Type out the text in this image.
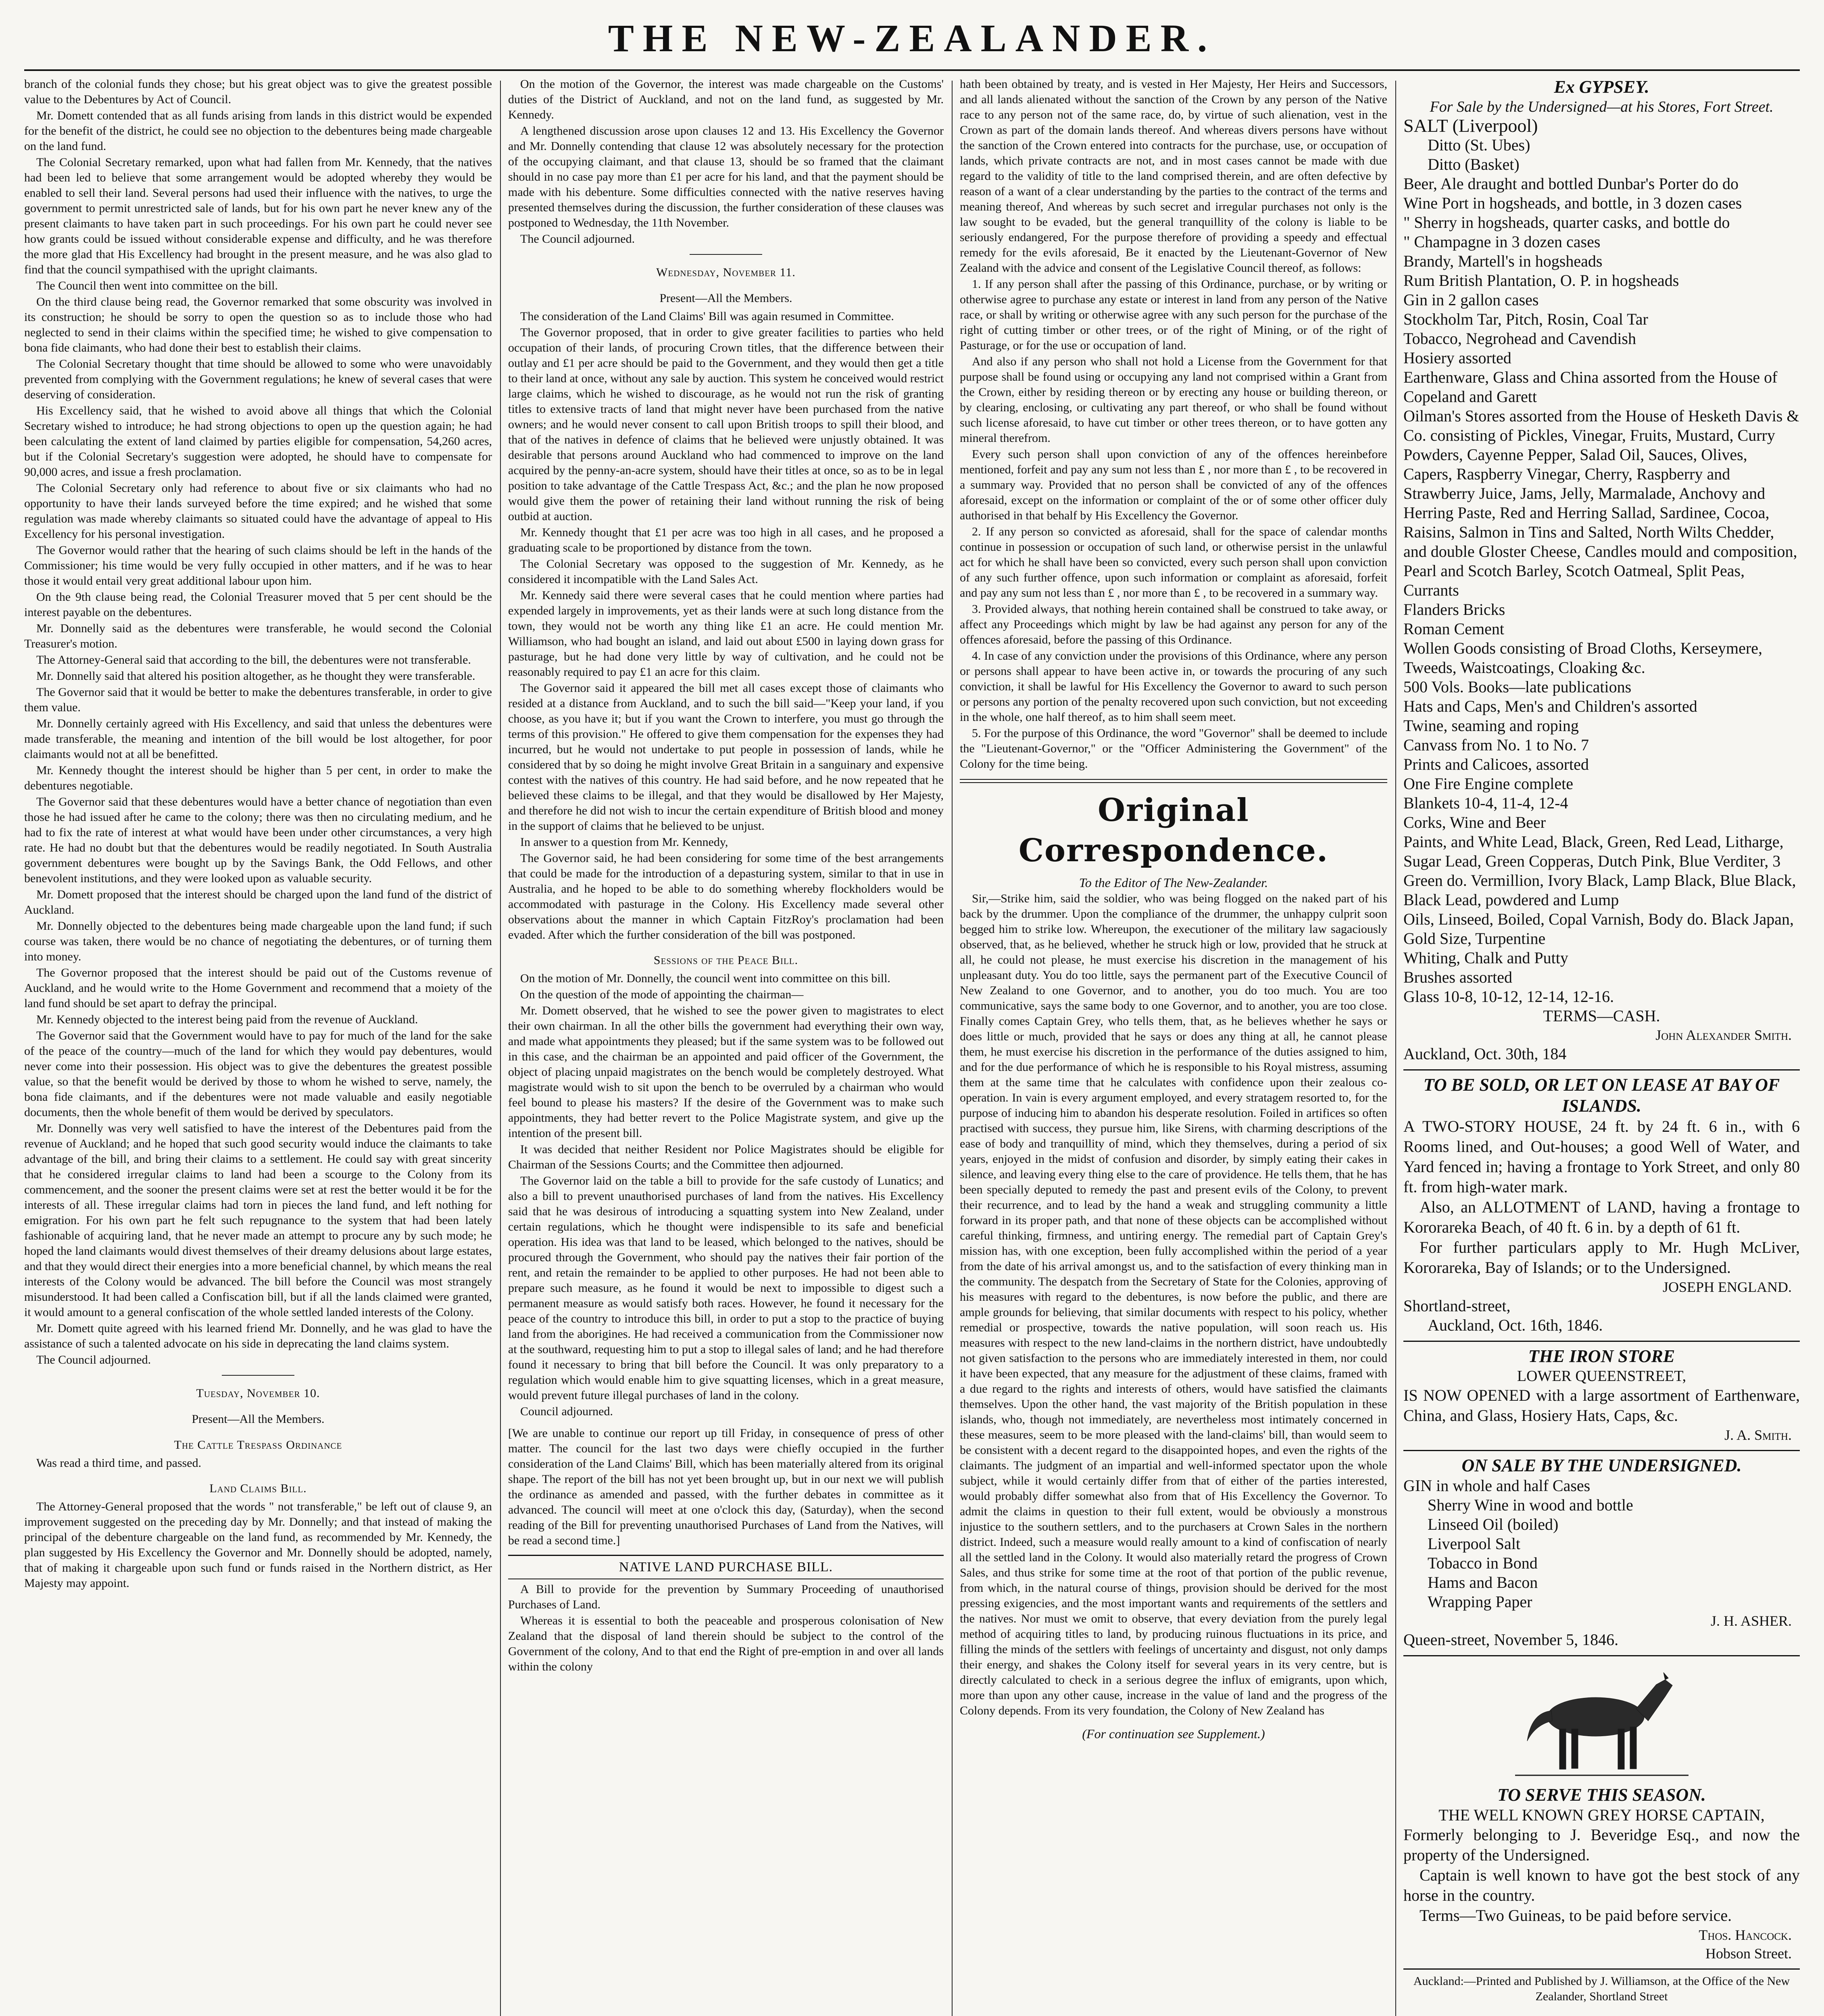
THE NEW-ZEALANDER.

branch of the colonial funds they chose; but his great object was to give the greatest possible value to the Debentures by Act of Council.

Mr. Domett contended that as all funds arising from lands in this district would be expended for the benefit of the district, he could see no objection to the debentures being made chargeable on the land fund.

The Colonial Secretary remarked, upon what had fallen from Mr. Kennedy, that the natives had been led to believe that some arrangement would be adopted whereby they would be enabled to sell their land. Several persons had used their influence with the natives, to urge the government to permit unrestricted sale of lands, but for his own part he never knew any of the present claimants to have taken part in such proceedings. For his own part he could never see how grants could be issued without considerable expense and difficulty, and he was therefore the more glad that His Excellency had brought in the present measure, and he was also glad to find that the council sympathised with the upright claimants.

The Council then went into committee on the bill.

On the third clause being read, the Governor remarked that some obscurity was involved in its construction; he should be sorry to open the question so as to include those who had neglected to send in their claims within the specified time; he wished to give compensation to bona fide claimants, who had done their best to establish their claims.

The Colonial Secretary thought that time should be allowed to some who were unavoidably prevented from complying with the Government regulations; he knew of several cases that were deserving of consideration.

His Excellency said, that he wished to avoid above all things that which the Colonial Secretary wished to introduce; he had strong objections to open up the question again; he had been calculating the extent of land claimed by parties eligible for compensation, 54,260 acres, but if the Colonial Secretary's suggestion were adopted, he should have to compensate for 90,000 acres, and issue a fresh proclamation.

The Colonial Secretary only had reference to about five or six claimants who had no opportunity to have their lands surveyed before the time expired; and he wished that some regulation was made whereby claimants so situated could have the advantage of appeal to His Excellency for his personal investigation.

The Governor would rather that the hearing of such claims should be left in the hands of the Commissioner; his time would be very fully occupied in other matters, and if he was to hear those it would entail very great additional labour upon him.

On the 9th clause being read, the Colonial Treasurer moved that 5 per cent should be the interest payable on the debentures.

Mr. Donnelly said as the debentures were transferable, he would second the Colonial Treasurer's motion.

The Attorney-General said that according to the bill, the debentures were not transferable.

Mr. Donnelly said that altered his position altogether, as he thought they were transferable.

The Governor said that it would be better to make the debentures transferable, in order to give them value.

Mr. Donnelly certainly agreed with His Excellency, and said that unless the debentures were made transferable, the meaning and intention of the bill would be lost altogether, for poor claimants would not at all be benefitted.

Mr. Kennedy thought the interest should be higher than 5 per cent, in order to make the debentures negotiable.

The Governor said that these debentures would have a better chance of negotiation than even those he had issued after he came to the colony; there was then no circulating medium, and he had to fix the rate of interest at what would have been under other circumstances, a very high rate. He had no doubt but that the debentures would be readily negotiated. In South Australia government debentures were bought up by the Savings Bank, the Odd Fellows, and other benevolent institutions, and they were looked upon as valuable security.

Mr. Domett proposed that the interest should be charged upon the land fund of the district of Auckland.

Mr. Donnelly objected to the debentures being made chargeable upon the land fund; if such course was taken, there would be no chance of negotiating the debentures, or of turning them into money.

The Governor proposed that the interest should be paid out of the Customs revenue of Auckland, and he would write to the Home Government and recommend that a moiety of the land fund should be set apart to defray the principal.

Mr. Kennedy objected to the interest being paid from the revenue of Auckland.

The Governor said that the Government would have to pay for much of the land for the sake of the peace of the country—much of the land for which they would pay debentures, would never come into their possession. His object was to give the debentures the greatest possible value, so that the benefit would be derived by those to whom he wished to serve, namely, the bona fide claimants, and if the debentures were not made valuable and easily negotiable documents, then the whole benefit of them would be derived by speculators.

Mr. Donnelly was very well satisfied to have the interest of the Debentures paid from the revenue of Auckland; and he hoped that such good security would induce the claimants to take advantage of the bill, and bring their claims to a settlement. He could say with great sincerity that he considered irregular claims to land had been a scourge to the Colony from its commencement, and the sooner the present claims were set at rest the better would it be for the interests of all. These irregular claims had torn in pieces the land fund, and left nothing for emigration. For his own part he felt such repugnance to the system that had been lately fashionable of acquiring land, that he never made an attempt to procure any by such mode; he hoped the land claimants would divest themselves of their dreamy delusions about large estates, and that they would direct their energies into a more beneficial channel, by which means the real interests of the Colony would be advanced. The bill before the Council was most strangely misunderstood. It had been called a Confiscation bill, but if all the lands claimed were granted, it would amount to a general confiscation of the whole settled landed interests of the Colony.

Mr. Domett quite agreed with his learned friend Mr. Donnelly, and he was glad to have the assistance of such a talented advocate on his side in deprecating the land claims system.

The Council adjourned.

Tuesday, November 10.
Present—All the Members.
The Cattle Trespass Ordinance

Was read a third time, and passed.

Land Claims Bill.

The Attorney-General proposed that the words " not transferable," be left out of clause 9, an improvement suggested on the preceding day by Mr. Donnelly; and that instead of making the principal of the debenture chargeable on the land fund, as recommended by Mr. Kennedy, the plan suggested by His Excellency the Governor and Mr. Donnelly should be adopted, namely, that of making it chargeable upon such fund or funds raised in the Northern district, as Her Majesty may appoint.

On the motion of the Governor, the interest was made chargeable on the Customs' duties of the District of Auckland, and not on the land fund, as suggested by Mr. Kennedy.

A lengthened discussion arose upon clauses 12 and 13. His Excellency the Governor and Mr. Donnelly contending that clause 12 was absolutely necessary for the protection of the occupying claimant, and that clause 13, should be so framed that the claimant should in no case pay more than £1 per acre for his land, and that the payment should be made with his debenture. Some difficulties connected with the native reserves having presented themselves during the discussion, the further consideration of these clauses was postponed to Wednesday, the 11th November.

The Council adjourned.

Wednesday, November 11.
Present—All the Members.

The consideration of the Land Claims' Bill was again resumed in Committee.

The Governor proposed, that in order to give greater facilities to parties who held occupation of their lands, of procuring Crown titles, that the difference between their outlay and £1 per acre should be paid to the Government, and they would then get a title to their land at once, without any sale by auction. This system he conceived would restrict large claims, which he wished to discourage, as he would not run the risk of granting titles to extensive tracts of land that might never have been purchased from the native owners; and he would never consent to call upon British troops to spill their blood, and that of the natives in defence of claims that he believed were unjustly obtained. It was desirable that persons around Auckland who had commenced to improve on the land acquired by the penny-an-acre system, should have their titles at once, so as to be in legal position to take advantage of the Cattle Trespass Act, &c.; and the plan he now proposed would give them the power of retaining their land without running the risk of being outbid at auction.

Mr. Kennedy thought that £1 per acre was too high in all cases, and he proposed a graduating scale to be proportioned by distance from the town.

The Colonial Secretary was opposed to the suggestion of Mr. Kennedy, as he considered it incompatible with the Land Sales Act.

Mr. Kennedy said there were several cases that he could mention where parties had expended largely in improvements, yet as their lands were at such long distance from the town, they would not be worth any thing like £1 an acre. He could mention Mr. Williamson, who had bought an island, and laid out about £500 in laying down grass for pasturage, but he had done very little by way of cultivation, and he could not be reasonably required to pay £1 an acre for this claim.

The Governor said it appeared the bill met all cases except those of claimants who resided at a distance from Auckland, and to such the bill said—"Keep your land, if you choose, as you have it; but if you want the Crown to interfere, you must go through the terms of this provision." He offered to give them compensation for the expenses they had incurred, but he would not undertake to put people in possession of lands, while he considered that by so doing he might involve Great Britain in a sanguinary and expensive contest with the natives of this country. He had said before, and he now repeated that he believed these claims to be illegal, and that they would be disallowed by Her Majesty, and therefore he did not wish to incur the certain expenditure of British blood and money in the support of claims that he believed to be unjust.

In answer to a question from Mr. Kennedy,

The Governor said, he had been considering for some time of the best arrangements that could be made for the introduction of a depasturing system, similar to that in use in Australia, and he hoped to be able to do something whereby flockholders would be accommodated with pasturage in the Colony. His Excellency made several other observations about the manner in which Captain FitzRoy's proclamation had been evaded. After which the further consideration of the bill was postponed.

Sessions of the Peace Bill.

On the motion of Mr. Donnelly, the council went into committee on this bill.

On the question of the mode of appointing the chairman—

Mr. Domett observed, that he wished to see the power given to magistrates to elect their own chairman. In all the other bills the government had everything their own way, and made what appointments they pleased; but if the same system was to be followed out in this case, and the chairman be an appointed and paid officer of the Government, the object of placing unpaid magistrates on the bench would be completely destroyed. What magistrate would wish to sit upon the bench to be overruled by a chairman who would feel bound to please his masters? If the desire of the Government was to make such appointments, they had better revert to the Police Magistrate system, and give up the intention of the present bill.

It was decided that neither Resident nor Police Magistrates should be eligible for Chairman of the Sessions Courts; and the Committee then adjourned.

The Governor laid on the table a bill to provide for the safe custody of Lunatics; and also a bill to prevent unauthorised purchases of land from the natives. His Excellency said that he was desirous of introducing a squatting system into New Zealand, under certain regulations, which he thought were indispensible to its safe and beneficial operation. His idea was that land to be leased, which belonged to the natives, should be procured through the Government, who should pay the natives their fair portion of the rent, and retain the remainder to be applied to other purposes. He had not been able to prepare such measure, as he found it would be next to impossible to digest such a permanent measure as would satisfy both races. However, he found it necessary for the peace of the country to introduce this bill, in order to put a stop to the practice of buying land from the aborigines. He had received a communication from the Commissioner now at the southward, requesting him to put a stop to illegal sales of land; and he had therefore found it necessary to bring that bill before the Council. It was only preparatory to a regulation which would enable him to give squatting licenses, which in a great measure, would prevent future illegal purchases of land in the colony.

Council adjourned.

[We are unable to continue our report up till Friday, in consequence of press of other matter. The council for the last two days were chiefly occupied in the further consideration of the Land Claims' Bill, which has been materially altered from its original shape. The report of the bill has not yet been brought up, but in our next we will publish the ordinance as amended and passed, with the further debates in committee as it advanced. The council will meet at one o'clock this day, (Saturday), when the second reading of the Bill for preventing unauthorised Purchases of Land from the Natives, will be read a second time.]
NATIVE LAND PURCHASE BILL.

A Bill to provide for the prevention by Summary Proceeding of unauthorised Purchases of Land.

Whereas it is essential to both the peaceable and prosperous colonisation of New Zealand that the disposal of land therein should be subject to the control of the Government of the colony, And to that end the Right of pre-emption in and over all lands within the colony

hath been obtained by treaty, and is vested in Her Majesty, Her Heirs and Successors, and all lands alienated without the sanction of the Crown by any person of the Native race to any person not of the same race, do, by virtue of such alienation, vest in the Crown as part of the domain lands thereof. And whereas divers persons have without the sanction of the Crown entered into contracts for the purchase, use, or occupation of lands, which private contracts are not, and in most cases cannot be made with due regard to the validity of title to the land comprised therein, and are often defective by reason of a want of a clear understanding by the parties to the contract of the terms and meaning thereof, And whereas by such secret and irregular purchases not only is the law sought to be evaded, but the general tranquillity of the colony is liable to be seriously endangered, For the purpose therefore of providing a speedy and effectual remedy for the evils aforesaid, Be it enacted by the Lieutenant-Governor of New Zealand with the advice and consent of the Legislative Council thereof, as follows:

1. If any person shall after the passing of this Ordinance, purchase, or by writing or otherwise agree to purchase any estate or interest in land from any person of the Native race, or shall by writing or otherwise agree with any such person for the purchase of the right of cutting timber or other trees, or of the right of Mining, or of the right of Pasturage, or for the use or occupation of land.

And also if any person who shall not hold a License from the Government for that purpose shall be found using or occupying any land not comprised within a Grant from the Crown, either by residing thereon or by erecting any house or building thereon, or by clearing, enclosing, or cultivating any part thereof, or who shall be found without such license aforesaid, to have cut timber or other trees thereon, or to have gotten any mineral therefrom.

Every such person shall upon conviction of any of the offences hereinbefore mentioned, forfeit and pay any sum not less than £ , nor more than £ , to be recovered in a summary way. Provided that no person shall be convicted of any of the offences aforesaid, except on the information or complaint of the or of some other officer duly authorised in that behalf by His Excellency the Governor.

2. If any person so convicted as aforesaid, shall for the space of calendar months continue in possession or occupation of such land, or otherwise persist in the unlawful act for which he shall have been so convicted, every such person shall upon conviction of any such further offence, upon such information or complaint as aforesaid, forfeit and pay any sum not less than £ , nor more than £ , to be recovered in a summary way.

3. Provided always, that nothing herein contained shall be construed to take away, or affect any Proceedings which might by law be had against any person for any of the offences aforesaid, before the passing of this Ordinance.

4. In case of any conviction under the provisions of this Ordinance, where any person or persons shall appear to have been active in, or towards the procuring of any such conviction, it shall be lawful for His Excellency the Governor to award to such person or persons any portion of the penalty recovered upon such conviction, but not exceeding in the whole, one half thereof, as to him shall seem meet.

5. For the purpose of this Ordinance, the word "Governor" shall be deemed to include the "Lieutenant-Governor," or the "Officer Administering the Government" of the Colony for the time being.

Original Correspondence.
To the Editor of The New-Zealander.

Sir,—Strike him, said the soldier, who was being flogged on the naked part of his back by the drummer. Upon the compliance of the drummer, the unhappy culprit soon begged him to strike low. Whereupon, the executioner of the military law sagaciously observed, that, as he believed, whether he struck high or low, provided that he struck at all, he could not please, he must exercise his discretion in the management of his unpleasant duty. You do too little, says the permanent part of the Executive Council of New Zealand to one Governor, and to another, you do too much. You are too communicative, says the same body to one Governor, and to another, you are too close. Finally comes Captain Grey, who tells them, that, as he believes whether he says or does little or much, provided that he says or does any thing at all, he cannot please them, he must exercise his discretion in the performance of the duties assigned to him, and for the due performance of which he is responsible to his Royal mistress, assuming them at the same time that he calculates with confidence upon their zealous co-operation. In vain is every argument employed, and every stratagem resorted to, for the purpose of inducing him to abandon his desperate resolution. Foiled in artifices so often practised with success, they pursue him, like Sirens, with charming descriptions of the ease of body and tranquillity of mind, which they themselves, during a period of six years, enjoyed in the midst of confusion and disorder, by simply eating their cakes in silence, and leaving every thing else to the care of providence. He tells them, that he has been specially deputed to remedy the past and present evils of the Colony, to prevent their recurrence, and to lead by the hand a weak and struggling community a little forward in its proper path, and that none of these objects can be accomplished without careful thinking, firmness, and untiring energy. The remedial part of Captain Grey's mission has, with one exception, been fully accomplished within the period of a year from the date of his arrival amongst us, and to the satisfaction of every thinking man in the community. The despatch from the Secretary of State for the Colonies, approving of his measures with regard to the debentures, is now before the public, and there are ample grounds for believing, that similar documents with respect to his policy, whether remedial or prospective, towards the native population, will soon reach us. His measures with respect to the new land-claims in the northern district, have undoubtedly not given satisfaction to the persons who are immediately interested in them, nor could it have been expected, that any measure for the adjustment of these claims, framed with a due regard to the rights and interests of others, would have satisfied the claimants themselves. Upon the other hand, the vast majority of the British population in these islands, who, though not immediately, are nevertheless most intimately concerned in these measures, seem to be more pleased with the land-claims' bill, than would seem to be consistent with a decent regard to the disappointed hopes, and even the rights of the claimants. The judgment of an impartial and well-informed spectator upon the whole subject, while it would certainly differ from that of either of the parties interested, would probably differ somewhat also from that of His Excellency the Governor. To admit the claims in question to their full extent, would be obviously a monstrous injustice to the southern settlers, and to the purchasers at Crown Sales in the northern district. Indeed, such a measure would really amount to a kind of confiscation of nearly all the settled land in the Colony. It would also materially retard the progress of Crown Sales, and thus strike for some time at the root of that portion of the public revenue, from which, in the natural course of things, provision should be derived for the most pressing exigencies, and the most important wants and requirements of the settlers and the natives. Nor must we omit to observe, that every deviation from the purely legal method of acquiring titles to land, by producing ruinous fluctuations in its price, and filling the minds of the settlers with feelings of uncertainty and disgust, not only damps their energy, and shakes the Colony itself for several years in its very centre, but is directly calculated to check in a serious degree the influx of emigrants, upon which, more than upon any other cause, increase in the value of land and the progress of the Colony depends. From its very foundation, the Colony of New Zealand has

(For continuation see Supplement.)
Ex GYPSEY.
For Sale by the Undersigned—at his Stores, Fort Street.
SALT (Liverpool)
Ditto (St. Ubes)
Ditto (Basket)
Beer, Ale draught and bottled Dunbar's Porter do do
Wine Port in hogsheads, and bottle, in 3 dozen cases
" Sherry in hogsheads, quarter casks, and bottle do
" Champagne in 3 dozen cases
Brandy, Martell's in hogsheads
Rum British Plantation, O. P. in hogsheads
Gin in 2 gallon cases
Stockholm Tar, Pitch, Rosin, Coal Tar
Tobacco, Negrohead and Cavendish
Hosiery assorted
Earthenware, Glass and China assorted from the House of Copeland and Garett
Oilman's Stores assorted from the House of Hesketh Davis & Co. consisting of Pickles, Vinegar, Fruits, Mustard, Curry Powders, Cayenne Pepper, Salad Oil, Sauces, Olives, Capers, Raspberry Vinegar, Cherry, Raspberry and Strawberry Juice, Jams, Jelly, Marmalade, Anchovy and Herring Paste, Red and Herring Sallad, Sardinee, Cocoa, Raisins, Salmon in Tins and Salted, North Wilts Chedder, and double Gloster Cheese, Candles mould and composition, Pearl and Scotch Barley, Scotch Oatmeal, Split Peas, Currants
Flanders Bricks
Roman Cement
Wollen Goods consisting of Broad Cloths, Kerseymere, Tweeds, Waistcoatings, Cloaking &c.
500 Vols. Books—late publications
Hats and Caps, Men's and Children's assorted
Twine, seaming and roping
Canvass from No. 1 to No. 7
Prints and Calicoes, assorted
One Fire Engine complete
Blankets 10-4, 11-4, 12-4
Corks, Wine and Beer
Paints, and White Lead, Black, Green, Red Lead, Litharge, Sugar Lead, Green Copperas, Dutch Pink, Blue Verditer, 3 Green do. Vermillion, Ivory Black, Lamp Black, Blue Black, Black Lead, powdered and Lump
Oils, Linseed, Boiled, Copal Varnish, Body do. Black Japan, Gold Size, Turpentine
Whiting, Chalk and Putty
Brushes assorted
Glass 10-8, 10-12, 12-14, 12-16.
TERMS—CASH.
John Alexander Smith.
Auckland, Oct. 30th, 184
TO BE SOLD, OR LET ON LEASE AT BAY OF ISLANDS.
A TWO-STORY HOUSE, 24 ft. by 24 ft. 6 in., with 6 Rooms lined, and Out-houses; a good Well of Water, and Yard fenced in; having a frontage to York Street, and only 80 ft. from high-water mark.
Also, an ALLOTMENT of LAND, having a frontage to Kororareka Beach, of 40 ft. 6 in. by a depth of 61 ft.
For further particulars apply to Mr. Hugh McLiver, Kororareka, Bay of Islands; or to the Undersigned.
JOSEPH ENGLAND.
Shortland-street,
Auckland, Oct. 16th, 1846.
THE IRON STORE
LOWER QUEENSTREET,
IS NOW OPENED with a large assortment of Earthenware, China, and Glass, Hosiery Hats, Caps, &c.
J. A. Smith.
ON SALE BY THE UNDERSIGNED.
GIN in whole and half Cases
Sherry Wine in wood and bottle
Linseed Oil (boiled)
Liverpool Salt
Tobacco in Bond
Hams and Bacon
Wrapping Paper
J. H. ASHER.
Queen-street, November 5, 1846.
TO SERVE THIS SEASON.
THE WELL KNOWN GREY HORSE CAPTAIN,
Formerly belonging to J. Beveridge Esq., and now the property of the Undersigned.
Captain is well known to have got the best stock of any horse in the country.
Terms—Two Guineas, to be paid before service.
Thos. Hancock.
Hobson Street.
Auckland:—Printed and Published by J. Williamson, at the Office of the New Zealander, Shortland Street
